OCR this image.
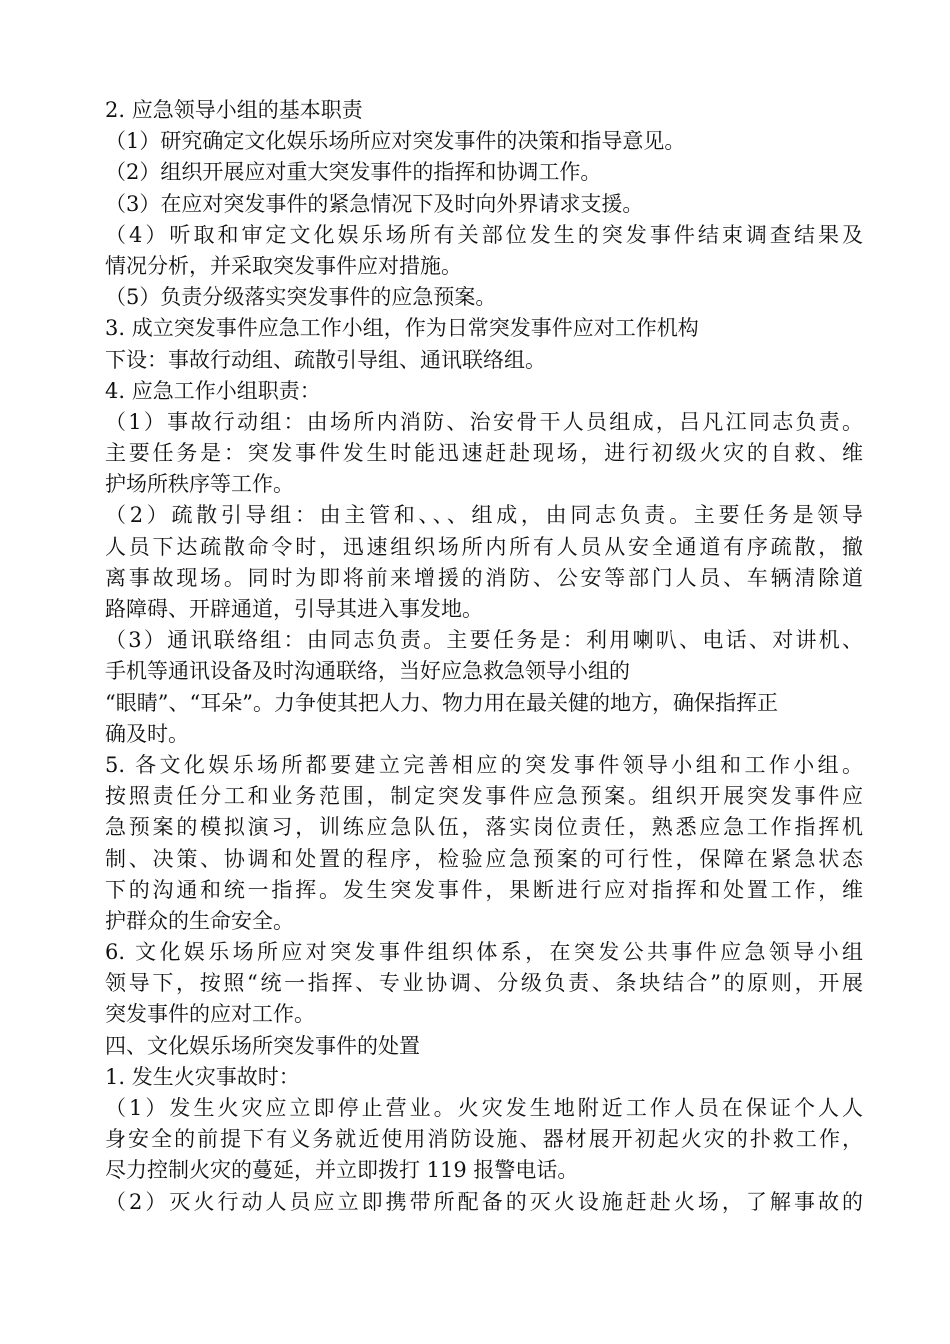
2. 应急领导小组的基本职责
（1）研究确定文化娱乐场所应对突发事件的决策和指导意见。
（2）组织开展应对重大突发事件的指挥和协调工作。
（3）在应对突发事件的紧急情况下及时向外界请求支援。
（4）听取和审定文化娱乐场所有关部位发生的突发事件结束调查结果及
情况分析，并采取突发事件应对措施。
（5）负责分级落实突发事件的应急预案。
3. 成立突发事件应急工作小组，作为日常突发事件应对工作机构
下设：事故行动组、疏散引导组、通讯联络组。
4. 应急工作小组职责：
（1）事故行动组：由场所内消防、治安骨干人员组成，吕凡江同志负责。
主要任务是：突发事件发生时能迅速赶赴现场，进行初级火灾的自救、维
护场所秩序等工作。
（2）疏散引导组：由主管和、、、组成，由同志负责。主要任务是领导
人员下达疏散命令时，迅速组织场所内所有人员从安全通道有序疏散，撤
离事故现场。同时为即将前来增援的消防、公安等部门人员、车辆清除道
路障碍、开辟通道，引导其进入事发地。
（3）通讯联络组：由同志负责。主要任务是：利用喇叭、电话、对讲机、
手机等通讯设备及时沟通联络，当好应急救急领导小组的
“眼睛”、“耳朵”。力争使其把人力、物力用在最关健的地方，确保指挥正
确及时。
5. 各文化娱乐场所都要建立完善相应的突发事件领导小组和工作小组。
按照责任分工和业务范围，制定突发事件应急预案。组织开展突发事件应
急预案的模拟演习，训练应急队伍，落实岗位责任，熟悉应急工作指挥机
制、决策、协调和处置的程序，检验应急预案的可行性，保障在紧急状态
下的沟通和统一指挥。发生突发事件，果断进行应对指挥和处置工作，维
护群众的生命安全。
6. 文化娱乐场所应对突发事件组织体系，在突发公共事件应急领导小组
领导下，按照“统一指挥、专业协调、分级负责、条块结合”的原则，开展
突发事件的应对工作。
四、文化娱乐场所突发事件的处置
1. 发生火灾事故时：
（1）发生火灾应立即停止营业。火灾发生地附近工作人员在保证个人人
身安全的前提下有义务就近使用消防设施、器材展开初起火灾的扑救工作，
尽力控制火灾的蔓延，并立即拨打 119 报警电话。
（2）灭火行动人员应立即携带所配备的灭火设施赶赴火场，了解事故的
